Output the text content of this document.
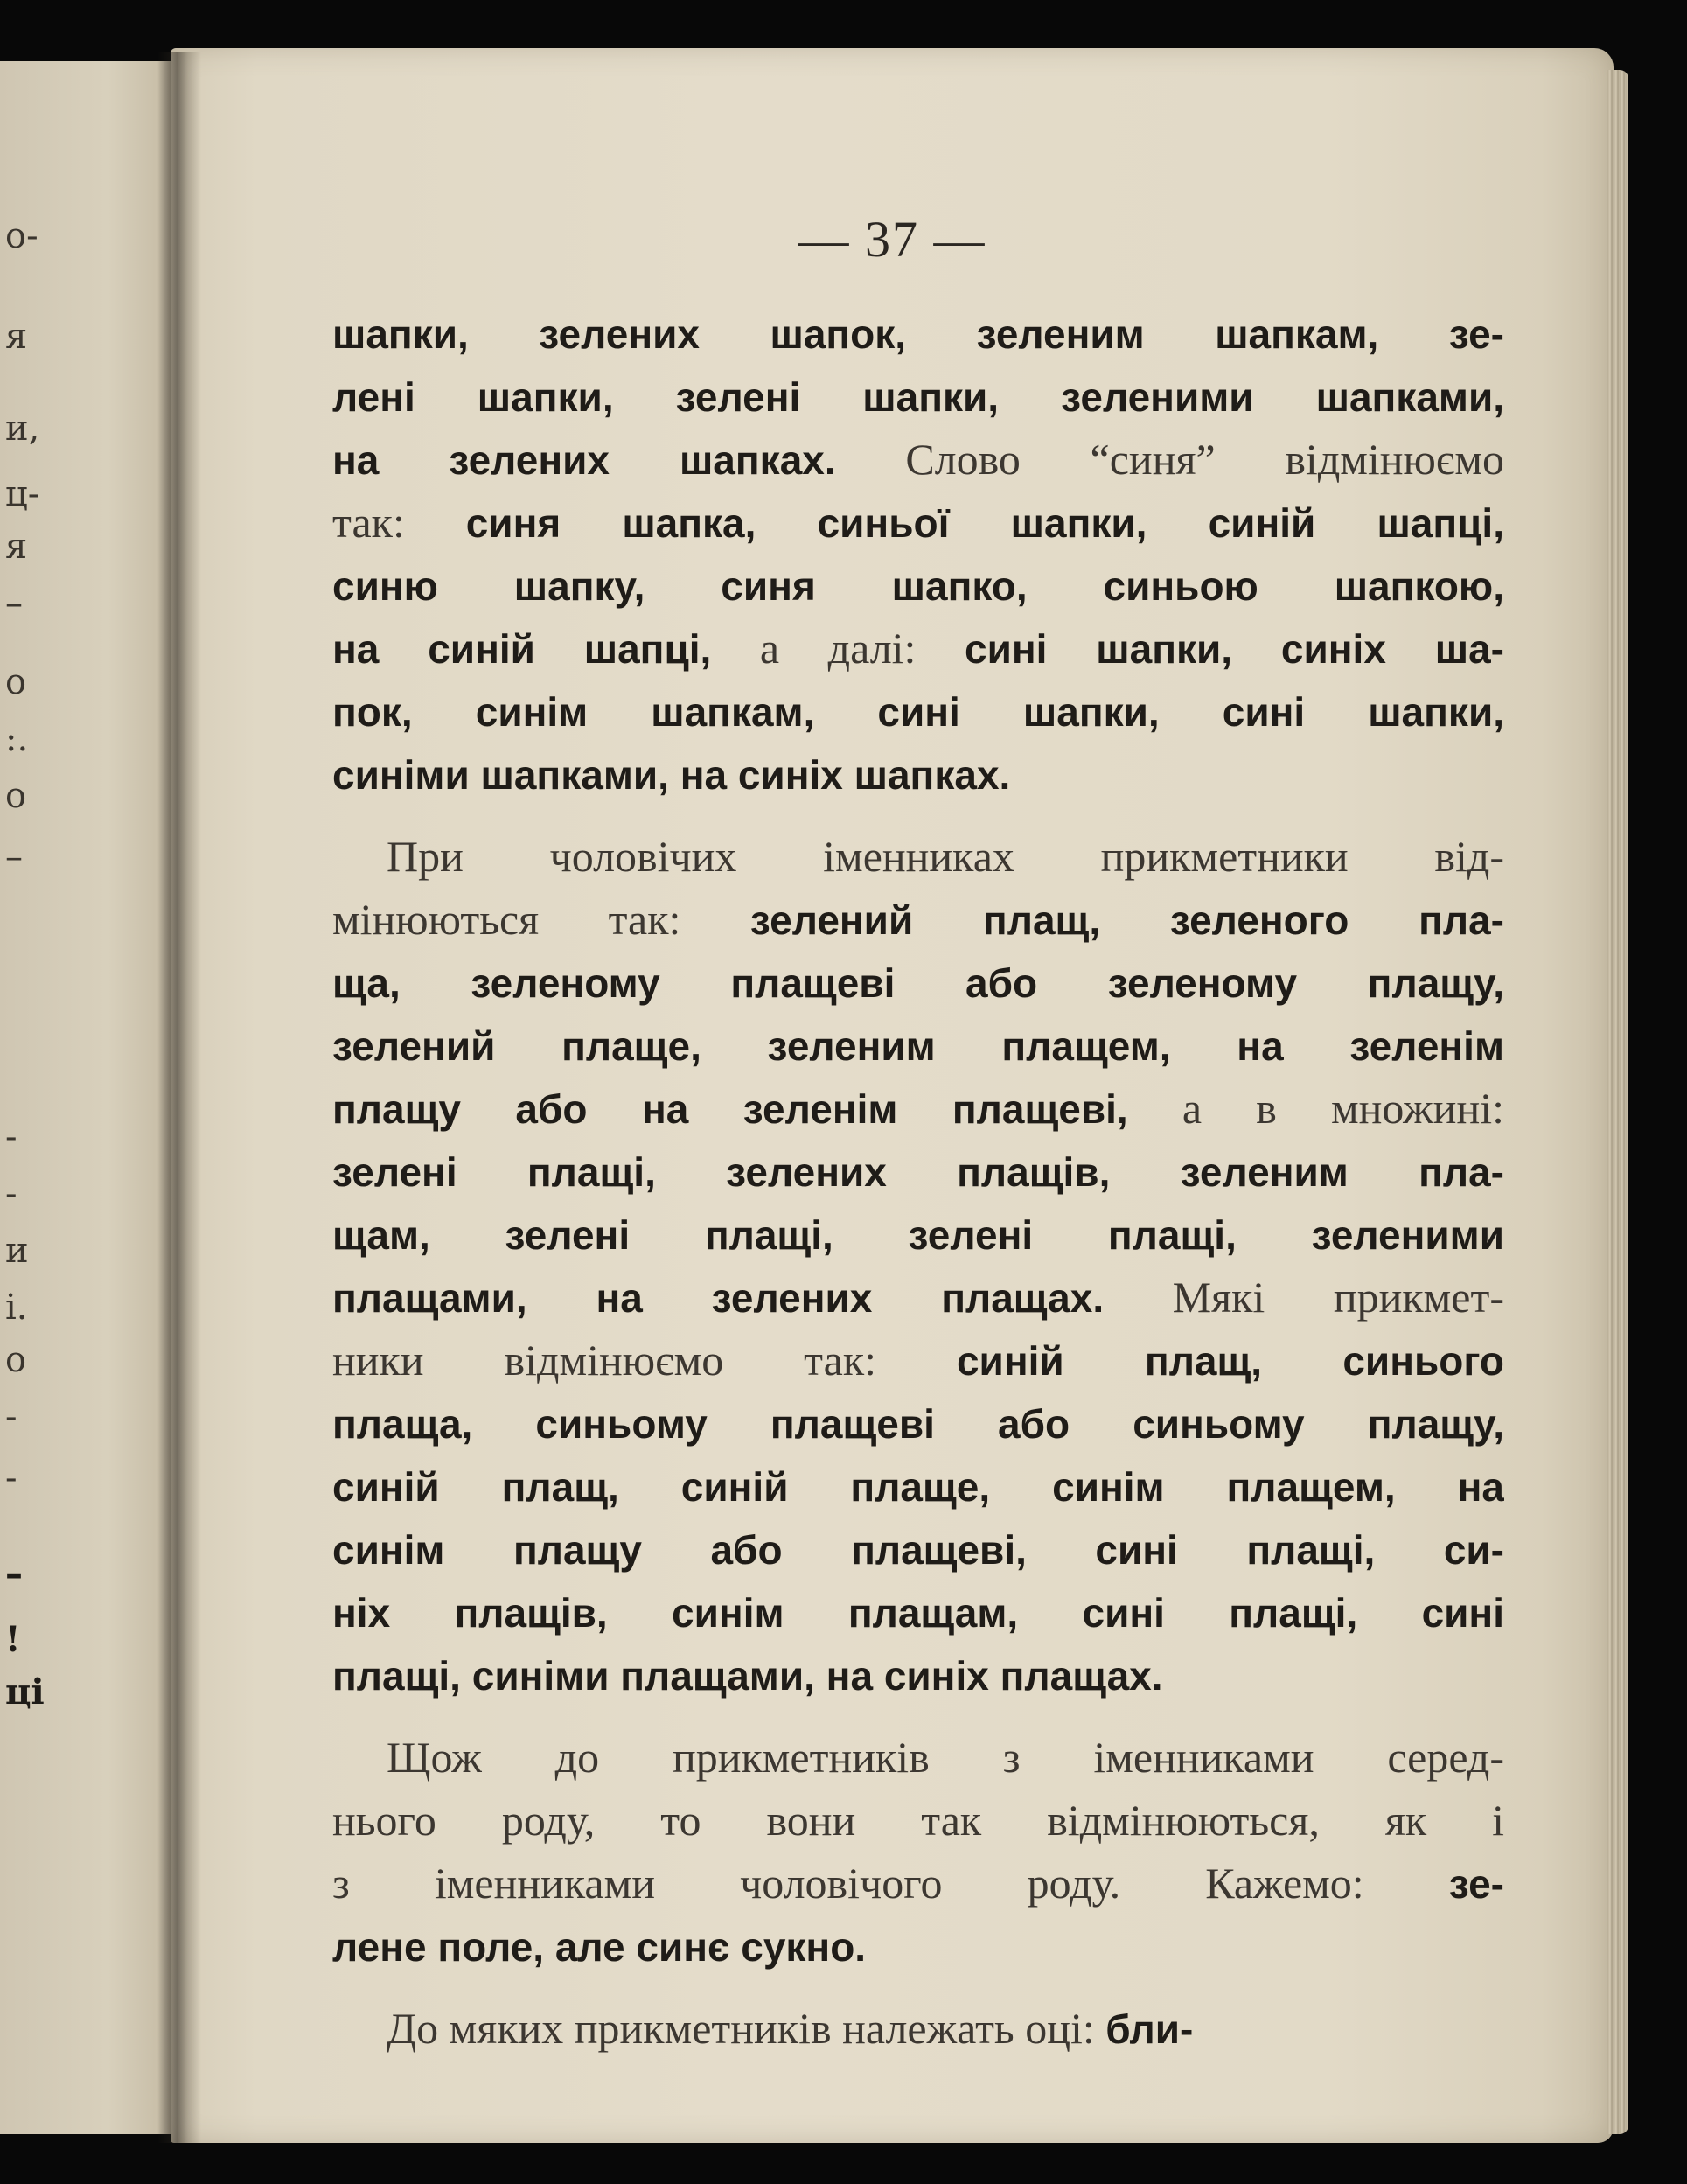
о-
я
и,
ц-
я
–
о
:.
о
–
-
-
и
і.
о
-
-
–
!
ці
— 37 —
шапки, зелених шапок, зеленим шапкам, зе-
лені шапки, зелені шапки, зеленими шапками,
на зелених шапках. Слово “синя” відмінюємо
так: синя шапка, синьої шапки, синій шапці,
синю шапку, синя шапко, синьою шапкою,
на синій шапці, а далі: сині шапки, синіх ша-
пок, синім шапкам, сині шапки, сині шапки,
синіми шапками, на синіх шапках.
При чоловічих іменниках прикметники від-
мінюються так: зелений плащ, зеленого пла-
ща, зеленому плащеві або зеленому плащу,
зелений плаще, зеленим плащем, на зеленім
плащу або на зеленім плащеві, а в множині:
зелені плащі, зелених плащів, зеленим пла-
щам, зелені плащі, зелені плащі, зеленими
плащами, на зелених плащах. Мякі прикмет-
ники відмінюємо так: синій плащ, синього
плаща, синьому плащеві або синьому плащу,
синій плащ, синій плаще, синім плащем, на
синім плащу або плащеві, сині плащі, си-
ніх плащів, синім плащам, сині плащі, сині
плащі, синіми плащами, на синіх плащах.
Щож до прикметників з іменниками серед-
нього роду, то вони так відмінюються, як і
з іменниками чоловічого роду. Кажемо: зе-
лене поле, але синє сукно.
До мяких прикметників належать оці: бли-
